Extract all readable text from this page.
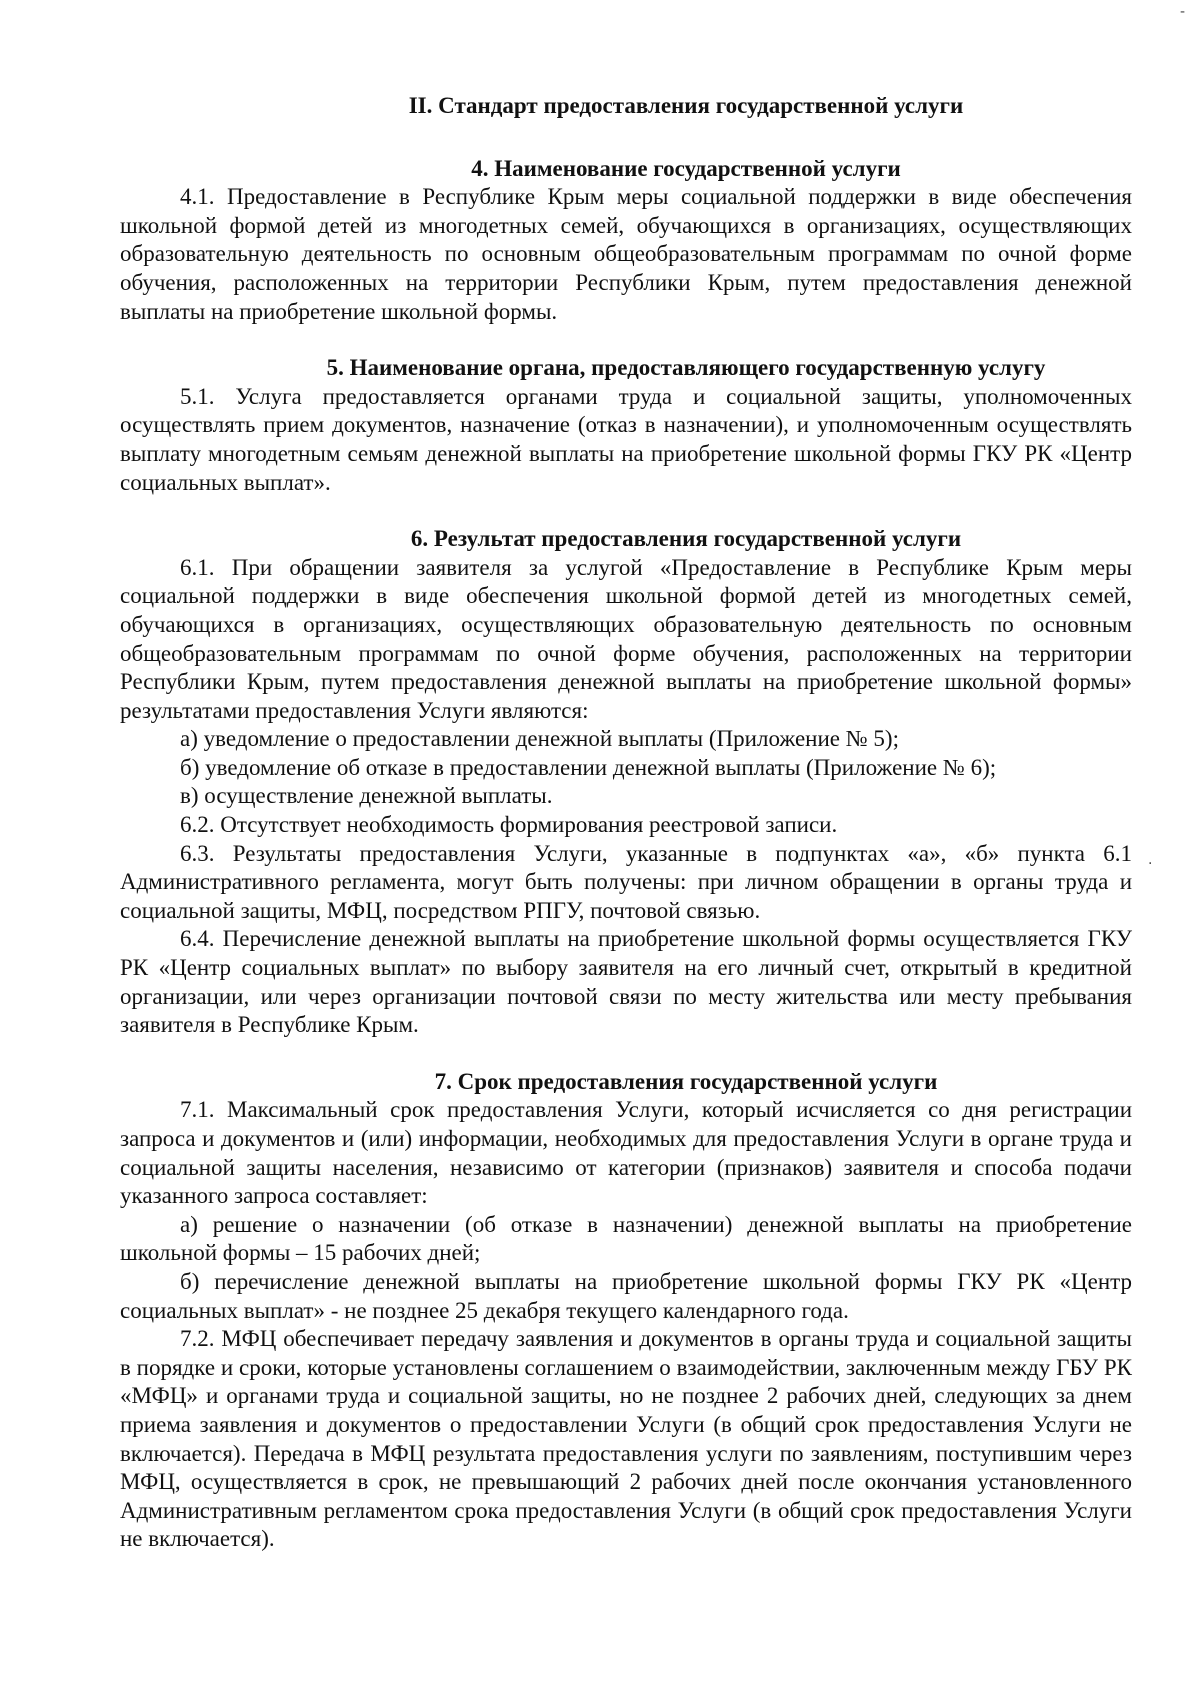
II. Стандарт предоставления государственной услуги

4. Наименование государственной услуги

4.1. Предоставление в Республике Крым меры социальной поддержки в виде обеспечения школьной формой детей из многодетных семей, обучающихся в организациях, осуществляющих образовательную деятельность по основным общеобразовательным программам по очной форме обучения, расположенных на территории Республики Крым, путем предоставления денежной выплаты на приобретение школьной формы.

5. Наименование органа, предоставляющего государственную услугу

5.1. Услуга предоставляется органами труда и социальной защиты, уполномоченных осуществлять прием документов, назначение (отказ в назначении), и уполномоченным осуществлять выплату многодетным семьям денежной выплаты на приобретение школьной формы ГКУ РК «Центр социальных выплат».

6. Результат предоставления государственной услуги

6.1. При обращении заявителя за услугой «Предоставление в Республике Крым меры социальной поддержки в виде обеспечения школьной формой детей из многодетных семей, обучающихся в организациях, осуществляющих образовательную деятельность по основным общеобразовательным программам по очной форме обучения, расположенных на территории Республики Крым, путем предоставления денежной выплаты на приобретение школьной формы» результатами предоставления Услуги являются:

а) уведомление о предоставлении денежной выплаты (Приложение № 5);

б) уведомление об отказе в предоставлении денежной выплаты (Приложение № 6);

в) осуществление денежной выплаты.

6.2. Отсутствует необходимость формирования реестровой записи.

6.3. Результаты предоставления Услуги, указанные в подпунктах «а», «б» пункта 6.1 Административного регламента, могут быть получены: при личном обращении в органы труда и социальной защиты, МФЦ, посредством РПГУ, почтовой связью.

6.4. Перечисление денежной выплаты на приобретение школьной формы осуществляется ГКУ РК «Центр социальных выплат» по выбору заявителя на его личный счет, открытый в кредитной организации, или через организации почтовой связи по месту жительства или месту пребывания заявителя в Республике Крым.

7. Срок предоставления государственной услуги

7.1. Максимальный срок предоставления Услуги, который исчисляется со дня регистрации запроса и документов и (или) информации, необходимых для предоставления Услуги в органе труда и социальной защиты населения, независимо от категории (признаков) заявителя и способа подачи указанного запроса составляет:

а) решение о назначении (об отказе в назначении) денежной выплаты на приобретение школьной формы – 15 рабочих дней;

б) перечисление денежной выплаты на приобретение школьной формы ГКУ РК «Центр социальных выплат» - не позднее 25 декабря текущего календарного года.

7.2. МФЦ обеспечивает передачу заявления и документов в органы труда и социальной защиты в порядке и сроки, которые установлены соглашением о взаимодействии, заключенным между ГБУ РК «МФЦ» и органами труда и социальной защиты, но не позднее 2 рабочих дней, следующих за днем приема заявления и документов о предоставлении Услуги (в общий срок предоставления Услуги не включается). Передача в МФЦ результата предоставления услуги по заявлениям, поступившим через МФЦ, осуществляется в срок, не превышающий 2 рабочих дней после окончания установленного Административным регламентом срока предоставления Услуги (в общий срок предоставления Услуги не включается).

-
·
